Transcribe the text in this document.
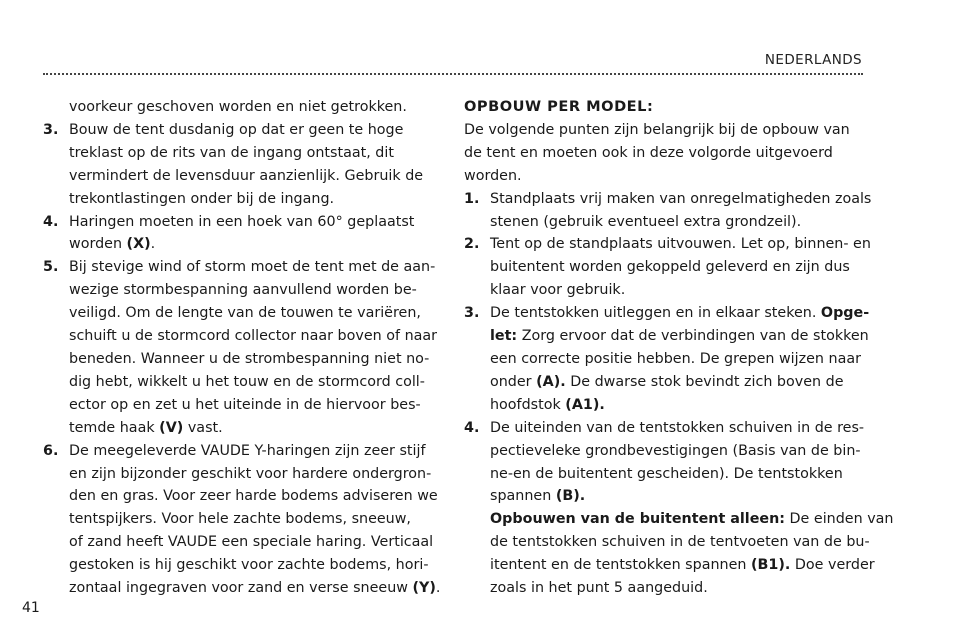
NEDERLANDS
voorkeur geschoven worden en niet getrokken.
3. Bouw de tent dusdanig op dat er geen te hoge
treklast op de rits van de ingang ontstaat, dit
vermindert de levensduur aanzienlijk. Gebruik de
trekontlastingen onder bij de ingang.
4. Haringen moeten in een hoek van 60° geplaatst
worden (X).
5. Bij stevige wind of storm moet de tent met de aan-
wezige stormbespanning aanvullend worden be-
veiligd. Om de lengte van de touwen te variëren,
schuift u de stormcord collector naar boven of naar
beneden. Wanneer u de strombespanning niet no-
dig hebt, wikkelt u het touw en de stormcord coll-
ector op en zet u het uiteinde in de hiervoor bes-
temde haak (V) vast.
6. De meegeleverde VAUDE Y-haringen zijn zeer stijf
en zijn bijzonder geschikt voor hardere ondergron-
den en gras. Voor zeer harde bodems adviseren we
tentspijkers. Voor hele zachte bodems, sneeuw,
of zand heeft VAUDE een speciale haring. Verticaal
gestoken is hij geschikt voor zachte bodems, hori-
zontaal ingegraven voor zand en verse sneeuw (Y).
OPBOUW PER MODEL:
De volgende punten zijn belangrijk bij de opbouw van
de tent en moeten ook in deze volgorde uitgevoerd
worden.
1. Standplaats vrij maken van onregelmatigheden zoals
stenen (gebruik eventueel extra grondzeil).
2. Tent op de standplaats uitvouwen. Let op, binnen- en
buitentent worden gekoppeld geleverd en zijn dus
klaar voor gebruik.
3. De tentstokken uitleggen en in elkaar steken. Opge-
let: Zorg ervoor dat de verbindingen van de stokken
een correcte positie hebben. De grepen wijzen naar
onder (A). De dwarse stok bevindt zich boven de
hoofdstok (A1).
4. De uiteinden van de tentstokken schuiven in de res-
pectieveleke grondbevestigingen (Basis van de bin-
ne-en de buitentent gescheiden). De tentstokken
spannen (B).
Opbouwen van de buitentent alleen: De einden van
de tentstokken schuiven in de tentvoeten van de bu-
itentent en de tentstokken spannen (B1). Doe verder
zoals in het punt 5 aangeduid.
41
